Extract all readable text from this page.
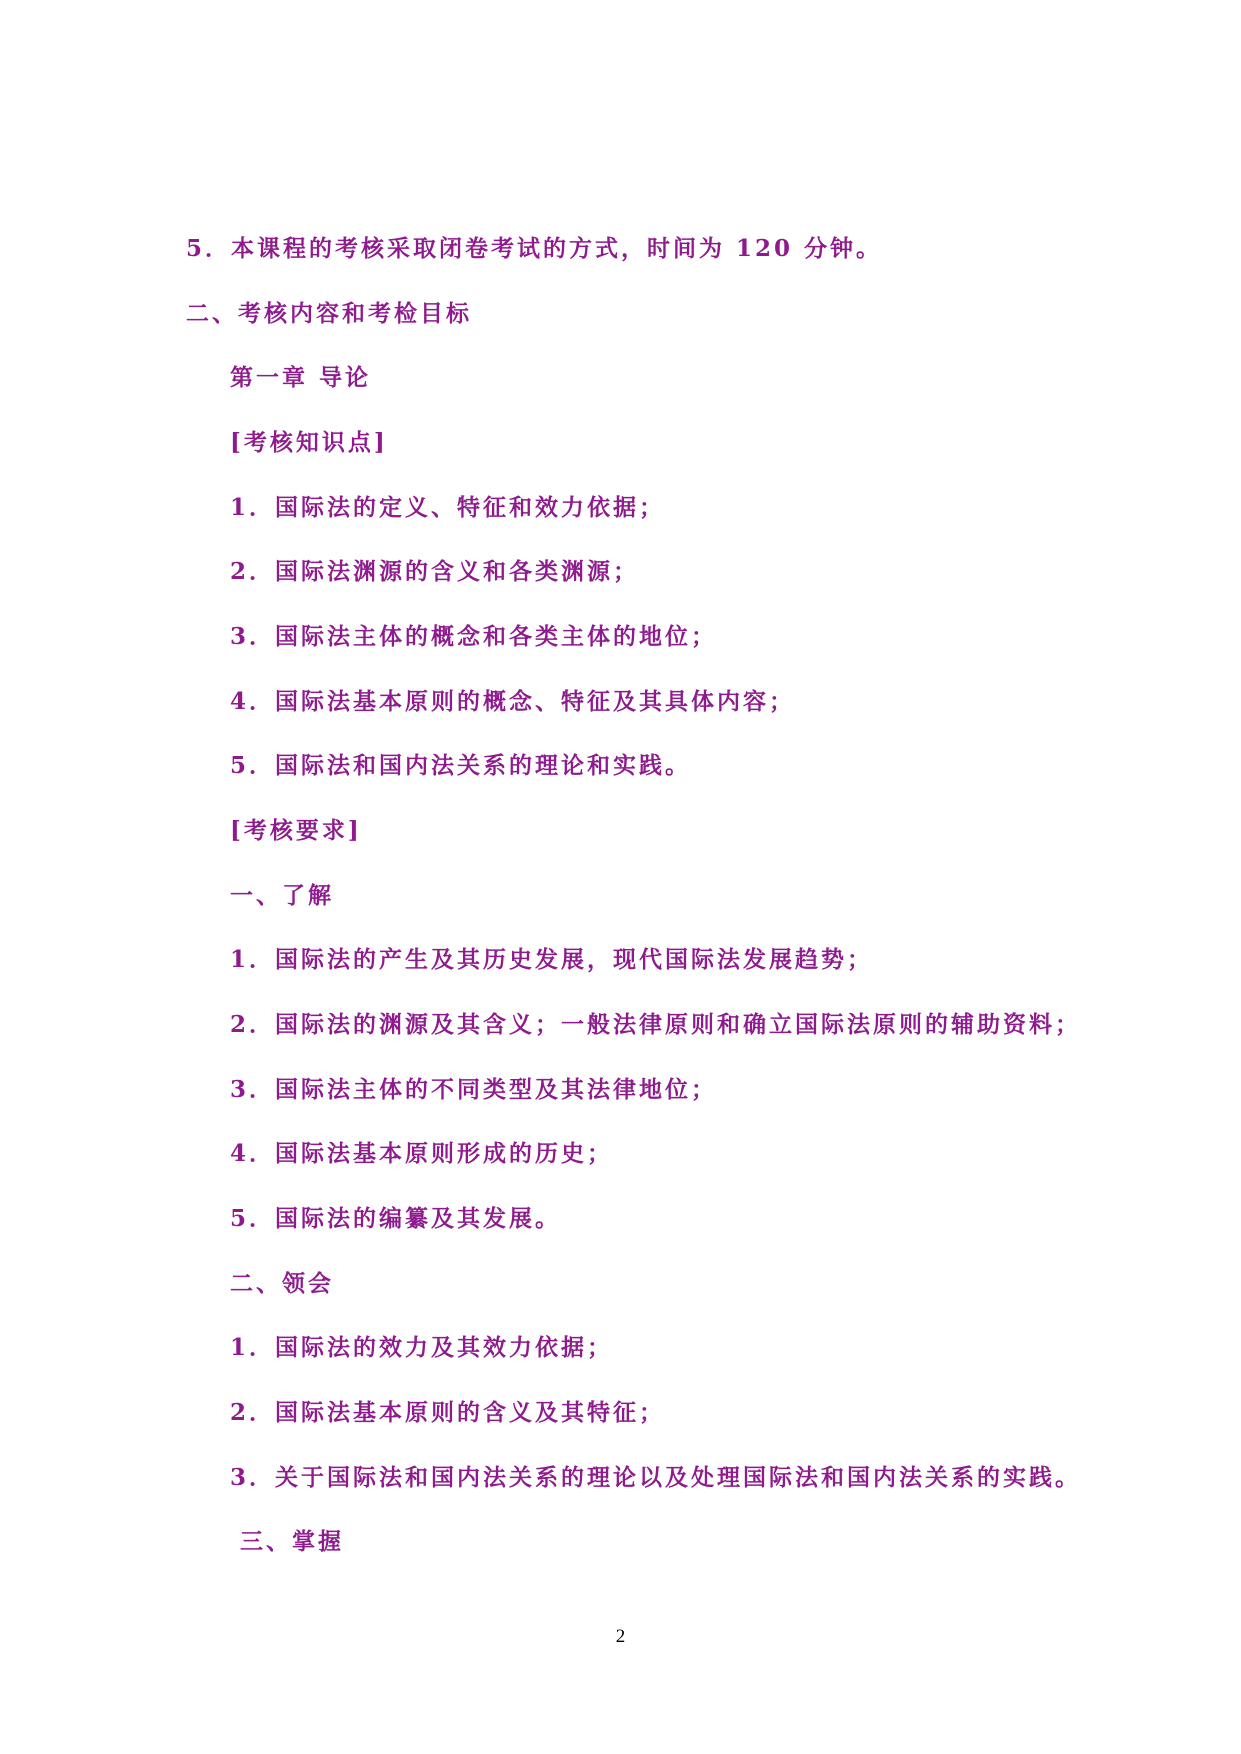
5．本课程的考核采取闭卷考试的方式，时间为 120 分钟。
二、考核内容和考检目标
第一章 导论
[考核知识点]
1．国际法的定义、特征和效力依据；
2．国际法渊源的含义和各类渊源；
3．国际法主体的概念和各类主体的地位；
4．国际法基本原则的概念、特征及其具体内容；
5．国际法和国内法关系的理论和实践。
[考核要求]
一、了解
1．国际法的产生及其历史发展，现代国际法发展趋势；
2．国际法的渊源及其含义；一般法律原则和确立国际法原则的辅助资料；
3．国际法主体的不同类型及其法律地位；
4．国际法基本原则形成的历史；
5．国际法的编纂及其发展。
二、领会
1．国际法的效力及其效力依据；
2．国际法基本原则的含义及其特征；
3．关于国际法和国内法关系的理论以及处理国际法和国内法关系的实践。
三、掌握
2
